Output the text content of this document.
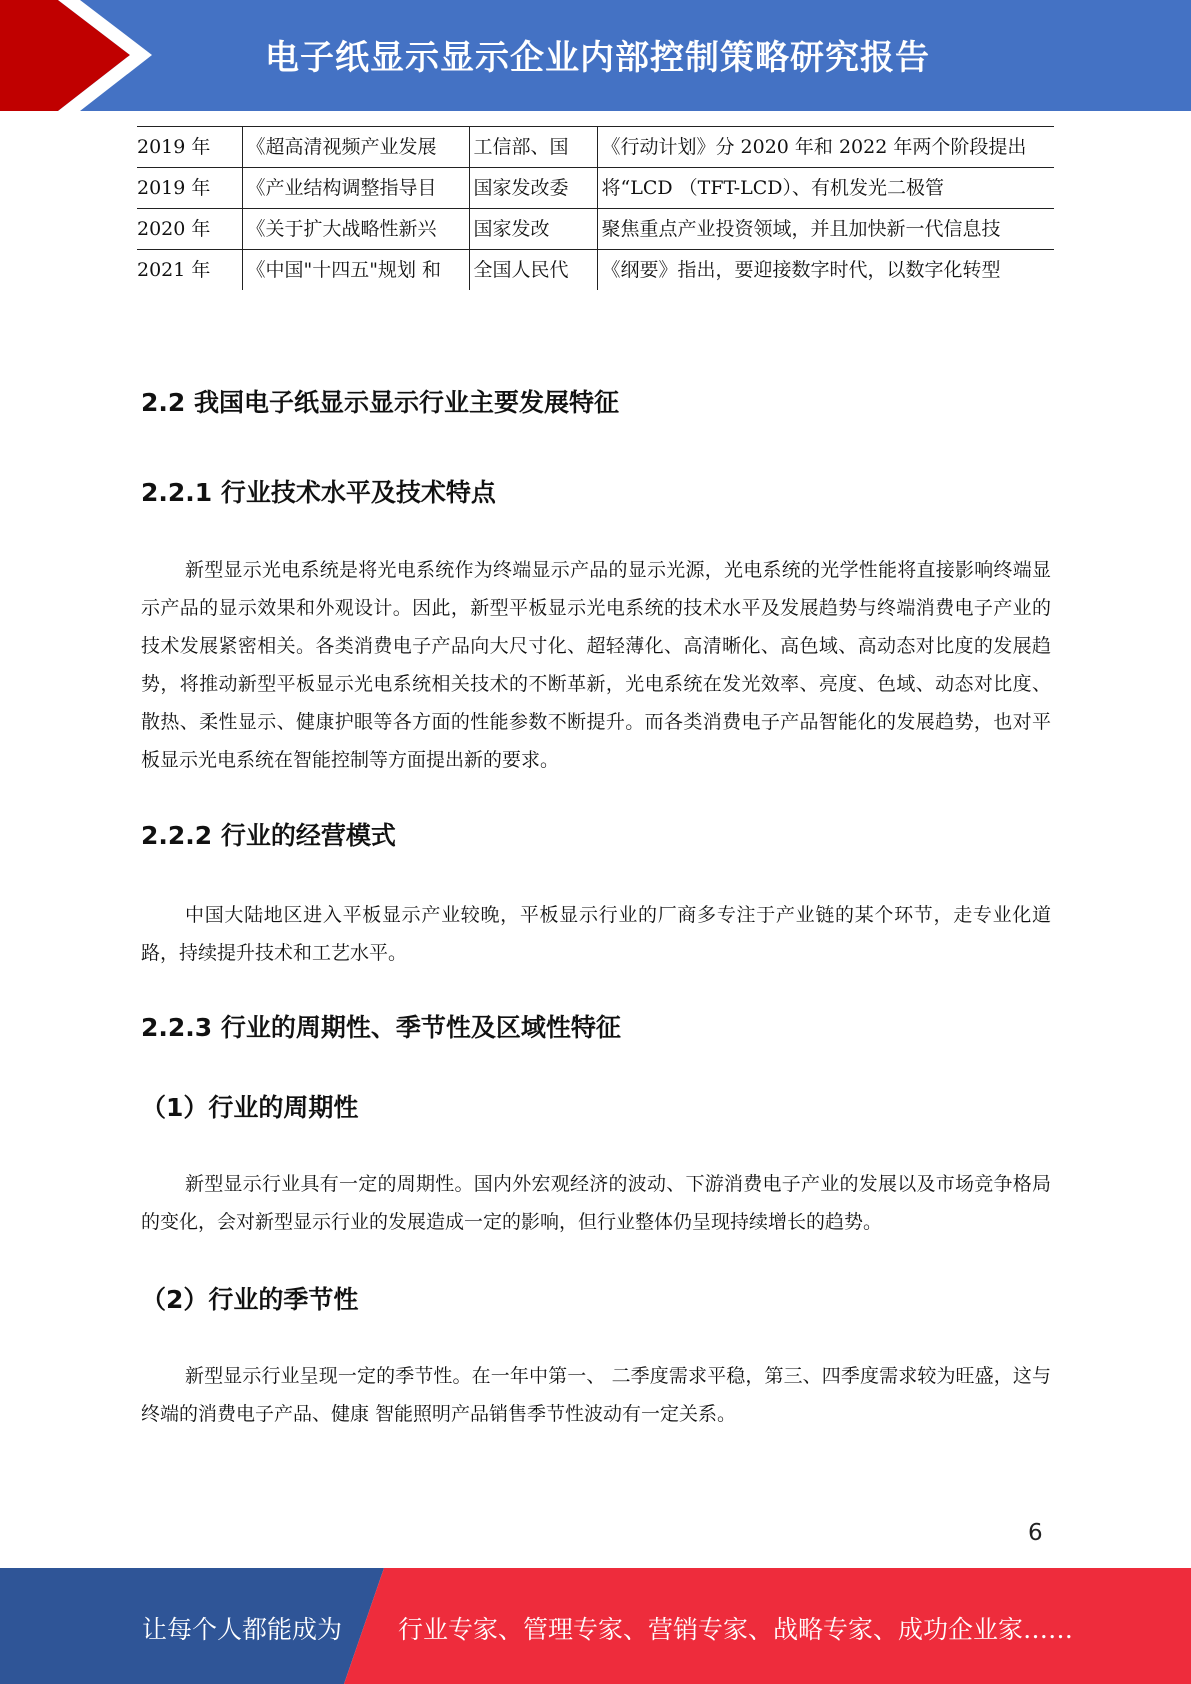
电子纸显示显示企业内部控制策略研究报告
2019 年	《超高清视频产业发展	工信部、国	《行动计划》分 2020 年和 2022 年两个阶段提出
2019 年	《产业结构调整指导目	国家发改委	将“LCD （TFT-LCD）、有机发光二极管
2020 年	《关于扩大战略性新兴	国家发改	聚焦重点产业投资领域，并且加快新一代信息技
2021 年	《中国"十四五"规划 和	全国人民代	《纲要》指出，要迎接数字时代，以数字化转型
2.2 我国电子纸显示显示行业主要发展特征
2.2.1 行业技术水平及技术特点
新型显示光电系统是将光电系统作为终端显示产品的显示光源，光电系统的光学性能将直接影响终端显示产品的显示效果和外观设计。因此，新型平板显示光电系统的技术水平及发展趋势与终端消费电子产业的技术发展紧密相关。各类消费电子产品向大尺寸化、超轻薄化、高清晰化、高色域、高动态对比度的发展趋势，将推动新型平板显示光电系统相关技术的不断革新，光电系统在发光效率、亮度、色域、动态对比度、散热、柔性显示、健康护眼等各方面的性能参数不断提升。而各类消费电子产品智能化的发展趋势，也对平板显示光电系统在智能控制等方面提出新的要求。
2.2.2 行业的经营模式
中国大陆地区进入平板显示产业较晚，平板显示行业的厂商多专注于产业链的某个环节，走专业化道路，持续提升技术和工艺水平。
2.2.3 行业的周期性、季节性及区域性特征
（1）行业的周期性
新型显示行业具有一定的周期性。国内外宏观经济的波动、下游消费电子产业的发展以及市场竞争格局的变化，会对新型显示行业的发展造成一定的影响，但行业整体仍呈现持续增长的趋势。
（2）行业的季节性
新型显示行业呈现一定的季节性。在一年中第一、 二季度需求平稳，第三、四季度需求较为旺盛，这与终端的消费电子产品、健康 智能照明产品销售季节性波动有一定关系。
6
让每个人都能成为 行业专家、管理专家、营销专家、战略专家、成功企业家……
